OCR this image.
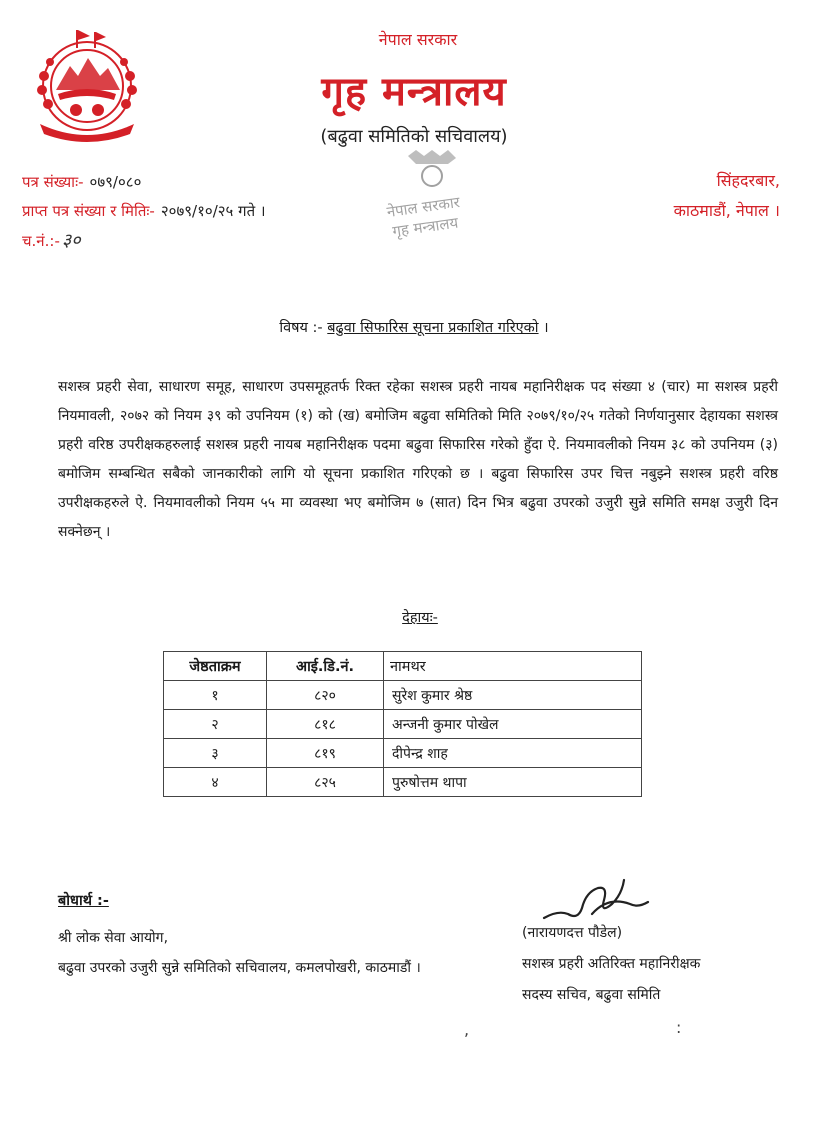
नेपाल सरकार
गृह मन्त्रालय
(बढुवा समितिको सचिवालय)
पत्र संख्याः- ०७९/०८०
प्राप्त पत्र संख्या र मितिः- २०७९/१०/२५ गते ।
च.नं.:- ३०
सिंहदरबार,
काठमाडौं, नेपाल ।
नेपाल सरकार
गृह मन्त्रालय
विषय :- बढुवा सिफारिस सूचना प्रकाशित गरिएको ।
सशस्त्र प्रहरी सेवा, साधारण समूह, साधारण उपसमूहतर्फ रिक्त रहेका सशस्त्र प्रहरी नायब महानिरीक्षक पद संख्या ४ (चार) मा सशस्त्र प्रहरी नियमावली, २०७२ को नियम ३९ को उपनियम (१) को (ख) बमोजिम बढुवा समितिको मिति २०७९/१०/२५ गतेको निर्णयानुसार देहायका सशस्त्र प्रहरी वरिष्ठ उपरीक्षकहरुलाई सशस्त्र प्रहरी नायब महानिरीक्षक पदमा बढुवा सिफारिस गरेको हुँदा ऐ. नियमावलीको नियम ३८ को उपनियम (३) बमोजिम सम्बन्धित सबैको जानकारीको लागि यो सूचना प्रकाशित गरिएको छ । बढुवा सिफारिस उपर चित्त नबुझ्ने सशस्त्र प्रहरी वरिष्ठ उपरीक्षकहरुले ऐ. नियमावलीको नियम ५५ मा व्यवस्था भए बमोजिम ७ (सात) दिन भित्र बढुवा उपरको उजुरी सुन्ने समिति समक्ष उजुरी दिन सक्नेछन् ।
देहायः-
जेष्ठताक्रम	आई.डि.नं.	नामथर
१	८२०	सुरेश कुमार श्रेष्ठ
२	८१८	अन्जनी कुमार पोखेल
३	८१९	दीपेन्द्र शाह
४	८२५	पुरुषोत्तम थापा
बोधार्थ :-
श्री लोक सेवा आयोग,
बढुवा उपरको उजुरी सुन्ने समितिको सचिवालय, कमलपोखरी, काठमाडौं ।
(नारायणदत्त पौडेल)
सशस्त्र प्रहरी अतिरिक्त महानिरीक्षक
सदस्य सचिव, बढुवा समिति
,	:
